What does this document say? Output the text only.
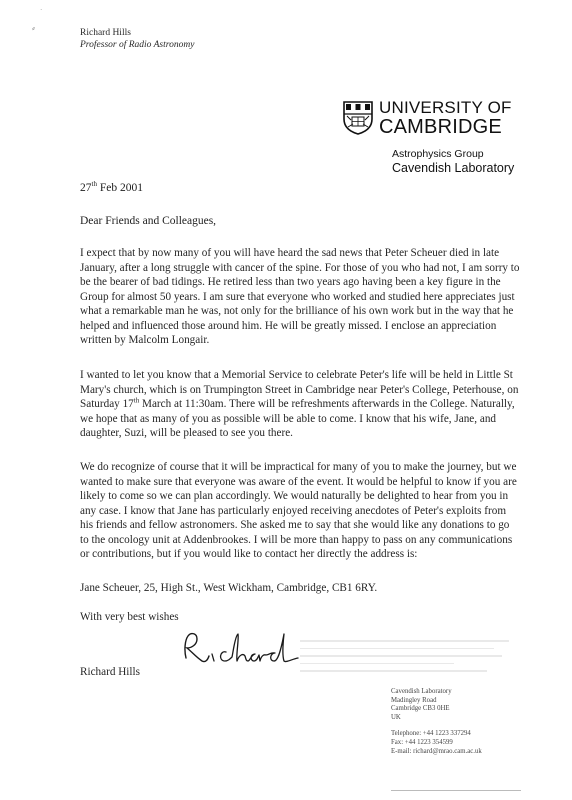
·
⸗	Richard Hills
Professor of Radio Astronomy
UNIVERSITY OF
CAMBRIDGE
Astrophysics Group
Cavendish Laboratory
27th Feb 2001
Dear Friends and Colleagues,
I expect that by now many of you will have heard the sad news that Peter Scheuer died in late January, after a long struggle with cancer of the spine. For those of you who had not, I am sorry to be the bearer of bad tidings. He retired less than two years ago having been a key figure in the Group for almost 50 years. I am sure that everyone who worked and studied here appreciates just what a remarkable man he was, not only for the brilliance of his own work but in the way that he helped and influenced those around him. He will be greatly missed. I enclose an appreciation written by Malcolm Longair.
I wanted to let you know that a Memorial Service to celebrate Peter's life will be held in Little St Mary's church, which is on Trumpington Street in Cambridge near Peter's College, Peterhouse, on Saturday 17th March at 11:30am. There will be refreshments afterwards in the College. Naturally, we hope that as many of you as possible will be able to come. I know that his wife, Jane, and daughter, Suzi, will be pleased to see you there.
We do recognize of course that it will be impractical for many of you to make the journey, but we wanted to make sure that everyone was aware of the event. It would be helpful to know if you are likely to come so we can plan accordingly. We would naturally be delighted to hear from you in any case. I know that Jane has particularly enjoyed receiving anecdotes of Peter's exploits from his friends and fellow astronomers. She asked me to say that she would like any donations to go to the oncology unit at Addenbrookes. I will be more than happy to pass on any communications or contributions, but if you would like to contact her directly the address is:
Jane Scheuer, 25, High St., West Wickham, Cambridge, CB1 6RY.
With very best wishes
Richard Hills
Cavendish Laboratory
Madingley Road
Cambridge CB3 0HE
UK
Telephone: +44 1223 337294
Fax: +44 1223 354599
E-mail: richard@mrao.cam.ac.uk
